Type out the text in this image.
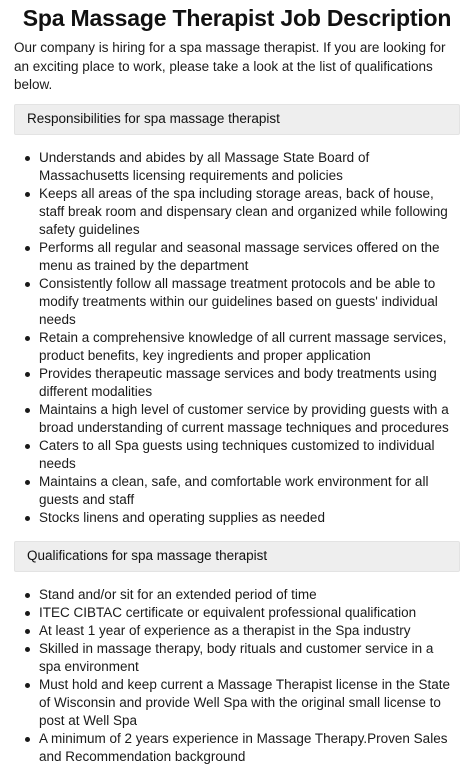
Spa Massage Therapist Job Description

Our company is hiring for a spa massage therapist. If you are looking for an exciting place to work, please take a look at the list of qualifications below.

Responsibilities for spa massage therapist
Understands and abides by all Massage State Board of Massachusetts licensing requirements and policies
Keeps all areas of the spa including storage areas, back of house, staff break room and dispensary clean and organized while following safety guidelines
Performs all regular and seasonal massage services offered on the menu as trained by the department
Consistently follow all massage treatment protocols and be able to modify treatments within our guidelines based on guests' individual needs
Retain a comprehensive knowledge of all current massage services, product benefits, key ingredients and proper application
Provides therapeutic massage services and body treatments using different modalities
Maintains a high level of customer service by providing guests with a broad understanding of current massage techniques and procedures
Caters to all Spa guests using techniques customized to individual needs
Maintains a clean, safe, and comfortable work environment for all guests and staff
Stocks linens and operating supplies as needed
Qualifications for spa massage therapist
Stand and/or sit for an extended period of time
ITEC CIBTAC certificate or equivalent professional qualification
At least 1 year of experience as a therapist in the Spa industry
Skilled in massage therapy, body rituals and customer service in a spa environment
Must hold and keep current a Massage Therapist license in the State of Wisconsin and provide Well Spa with the original small license to post at Well Spa
A minimum of 2 years experience in Massage Therapy.Proven Sales and Recommendation background
